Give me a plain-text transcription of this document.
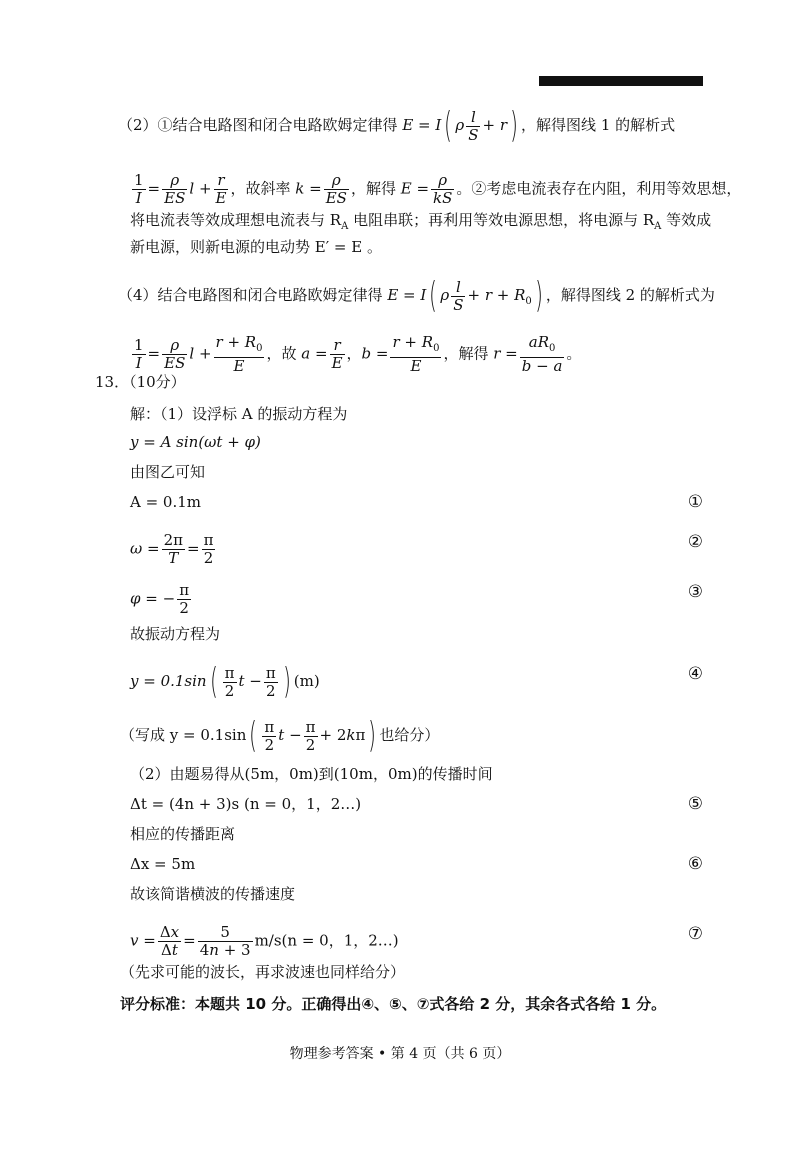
（2）①结合电路图和闭合电路欧姆定律得 E = I( ρ $\frac{l}{S} + r$) ，解得图线 1 的解析式
$\frac{1}{I} = \frac{\rho}{ES}$ $l + \frac{r}{E}$ ，故斜率 $k = \frac{\rho}{ES}$ ，解得 $E = \frac{\rho}{kS}$ 。②考虑电流表存在内阻，利用等效思想，
将电流表等效成理想电流表与 $R_A$ 电阻串联；再利用等效电源思想，将电源与 $R_A$ 等效成
新电源，则新电源的电动势 E′ = E 。
（4）结合电路图和闭合电路欧姆定律得 E = I( ρ $\frac{l}{S} + r + R_0$) ，解得图线 2 的解析式为
$\frac{1}{I} = \frac{\rho}{ES}$ $l + \frac{r + R_0}{E}$ ，故 $a = \frac{r}{E}$ ，$b = \frac{r + R_0}{E}$ ，解得 $r = \frac{aR_0}{b - a}$ 。
13．（10分）
解：（1）设浮标 A 的振动方程为
y = A sin(ωt + φ)
由图乙可知
A = 0.1m	①
$\omega = \frac{2\pi}{T} = \frac{\pi}{2}$	②
φ = − $\frac{\pi}{2}$	③
故振动方程为
$y = 0.1\sin( \frac{\pi}{2}$ $t - \frac{\pi}{2}$ ) (m)	④
（写成 $y = 0.1\sin( \frac{\pi}{2}$ $t - \frac{\pi}{2} + 2k\pi$) 也给分）
（2）由题易得从(5m，0m)到(10m，0m)的传播时间
Δt = (4n + 3)s (n = 0，1，2…)	⑤
相应的传播距离
Δx = 5m	⑥
故该简谐横波的传播速度
$v = \frac{\Delta x}{\Delta t} = \frac{5}{4n + 3} m/s(n = 0$，1，2…)	⑦
（先求可能的波长，再求波速也同样给分）
评分标准：本题共 10 分。正确得出④、⑤、⑦式各给 2 分，其余各式各给 1 分。
物理参考答案 • 第 4 页（共 6 页）
